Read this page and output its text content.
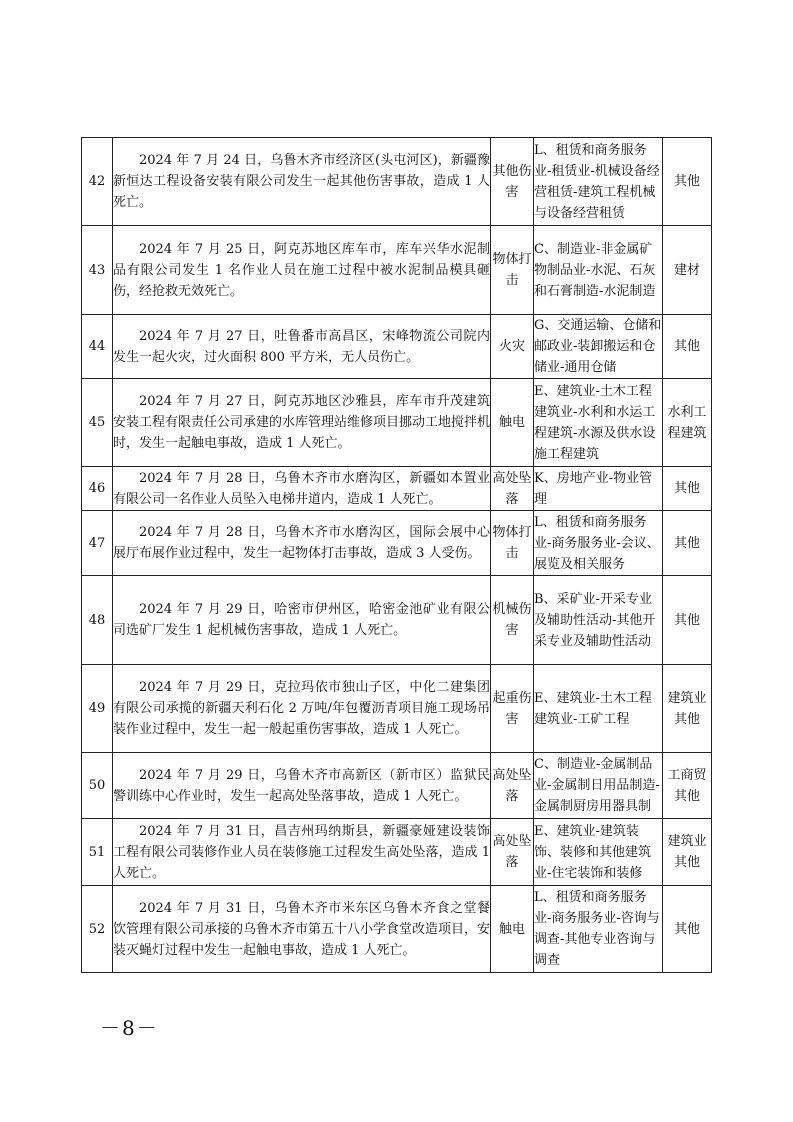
42	2024 年 7 月 24 日，乌鲁木齐市经济区(头屯河区)，新疆豫新恒达工程设备安装有限公司发生一起其他伤害事故，造成 1 人死亡。	其他伤害	L、租赁和商务服务业-租赁业-机械设备经营租赁-建筑工程机械与设备经营租赁	其他
43	2024 年 7 月 25 日，阿克苏地区库车市，库车兴华水泥制品有限公司发生 1 名作业人员在施工过程中被水泥制品模具砸伤，经抢救无效死亡。	物体打击	C、制造业-非金属矿物制品业-水泥、石灰和石膏制造-水泥制造	建材
44	2024 年 7 月 27 日，吐鲁番市高昌区，宋峰物流公司院内发生一起火灾，过火面积 800 平方米，无人员伤亡。	火灾	G、交通运输、仓储和邮政业-装卸搬运和仓储业-通用仓储	其他
45	2024 年 7 月 27 日，阿克苏地区沙雅县，库车市升茂建筑安装工程有限责任公司承建的水库管理站维修项目挪动工地搅拌机时，发生一起触电事故，造成 1 人死亡。	触电	E、建筑业-土木工程建筑业-水利和水运工程建筑-水源及供水设施工程建筑	水利工程建筑
46	2024 年 7 月 28 日，乌鲁木齐市水磨沟区，新疆如本置业有限公司一名作业人员坠入电梯井道内，造成 1 人死亡。	高处坠落	K、房地产业-物业管理	其他
47	2024 年 7 月 28 日，乌鲁木齐市水磨沟区，国际会展中心展厅布展作业过程中，发生一起物体打击事故，造成 3 人受伤。	物体打击	L、租赁和商务服务业-商务服务业-会议、展览及相关服务	其他
48	2024 年 7 月 29 日，哈密市伊州区，哈密金池矿业有限公司选矿厂发生 1 起机械伤害事故，造成 1 人死亡。	机械伤害	B、采矿业-开采专业及辅助性活动-其他开采专业及辅助性活动	其他
49	2024 年 7 月 29 日，克拉玛依市独山子区，中化二建集团有限公司承揽的新疆天利石化 2 万吨/年包覆沥青项目施工现场吊装作业过程中，发生一起一般起重伤害事故，造成 1 人死亡。	起重伤害	E、建筑业-土木工程建筑业-工矿工程	建筑业其他
50	2024 年 7 月 29 日，乌鲁木齐市高新区（新市区）监狱民警训练中心作业时，发生一起高处坠落事故，造成 1 人死亡。	高处坠落	C、制造业-金属制品业-金属制日用品制造-金属制厨房用器具制	工商贸其他
51	2024 年 7 月 31 日，昌吉州玛纳斯县，新疆豪娅建设装饰工程有限公司装修作业人员在装修施工过程发生高处坠落，造成 1 人死亡。	高处坠落	E、建筑业-建筑装饰、装修和其他建筑业-住宅装饰和装修	建筑业其他
52	2024 年 7 月 31 日，乌鲁木齐市米东区乌鲁木齐食之堂餐饮管理有限公司承接的乌鲁木齐市第五十八小学食堂改造项目，安装灭蝇灯过程中发生一起触电事故，造成 1 人死亡。	触电	L、租赁和商务服务业-商务服务业-咨询与调查-其他专业咨询与调查	其他
－8－
